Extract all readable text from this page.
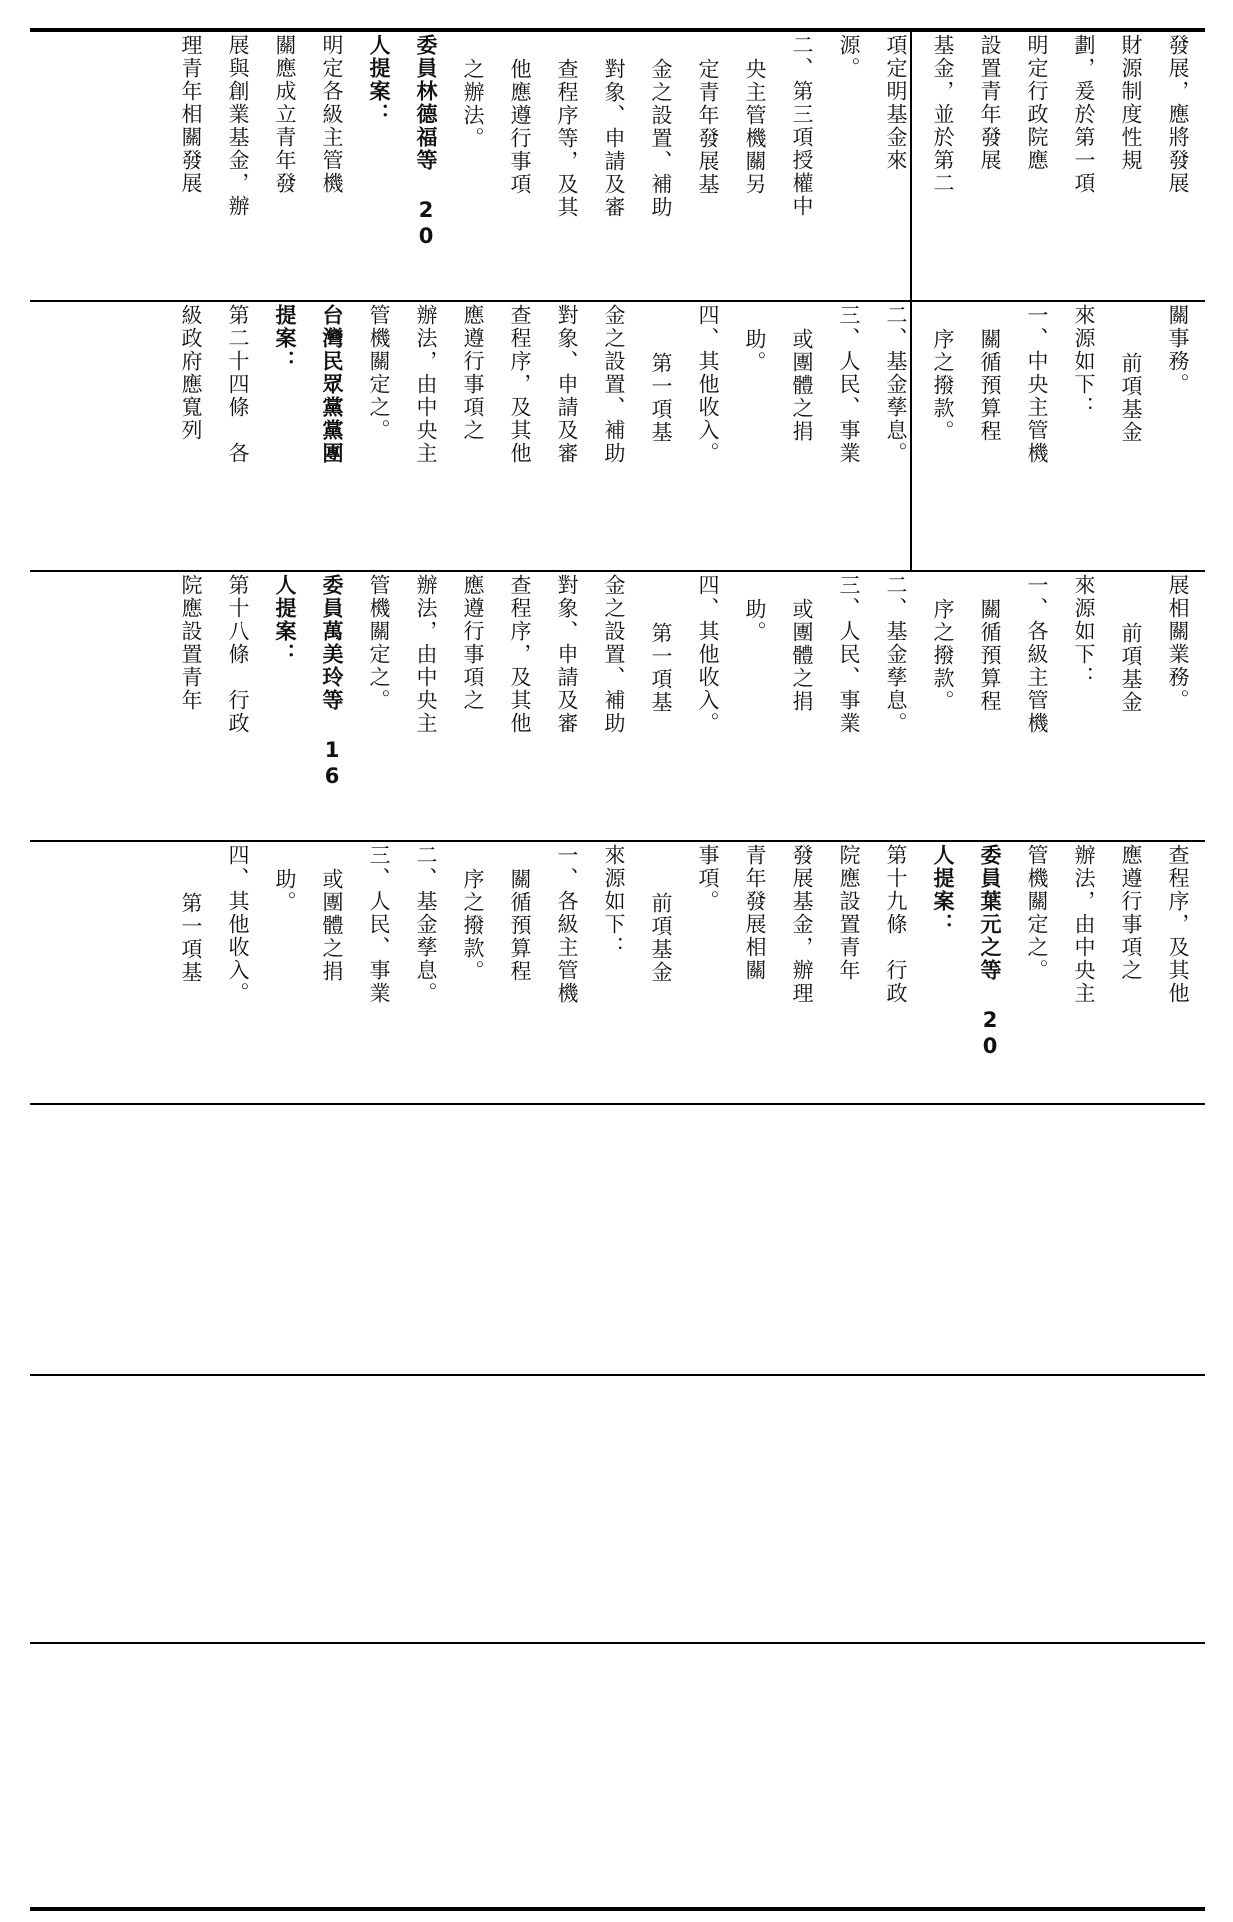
發展，應將發展
財源制度性規
劃，爰於第一項
明定行政院應
設置青年發展
基金，並於第二
項定明基金來
源。
二、第三項授權中
央主管機關另
定青年發展基
金之設置、補助
對象、申請及審
查程序等，及其
他應遵行事項
之辦法。
委員林德福等 20
人提案：
明定各級主管機
關應成立青年發
展與創業基金，辦
理青年相關發展
關事務。
前項基金
來源如下：
一、中央主管機
關循預算程
序之撥款。
二、基金孳息。
三、人民、事業
或團體之捐
助。
四、其他收入。
第一項基
金之設置、補助
對象、申請及審
查程序，及其他
應遵行事項之
辦法，由中央主
管機關定之。
台灣民眾黨黨團
提案：
第二十四條　各
級政府應寬列
展相關業務。
前項基金
來源如下：
一、各級主管機
關循預算程
序之撥款。
二、基金孳息。
三、人民、事業
或團體之捐
助。
四、其他收入。
第一項基
金之設置、補助
對象、申請及審
查程序，及其他
應遵行事項之
辦法，由中央主
管機關定之。
委員萬美玲等 16
人提案：
第十八條　行政
院應設置青年
查程序，及其他
應遵行事項之
辦法，由中央主
管機關定之。
委員葉元之等 20
人提案：
第十九條　行政
院應設置青年
發展基金，辦理
青年發展相關
事項。
前項基金
來源如下：
一、各級主管機
關循預算程
序之撥款。
二、基金孳息。
三、人民、事業
或團體之捐
助。
四、其他收入。
第一項基
